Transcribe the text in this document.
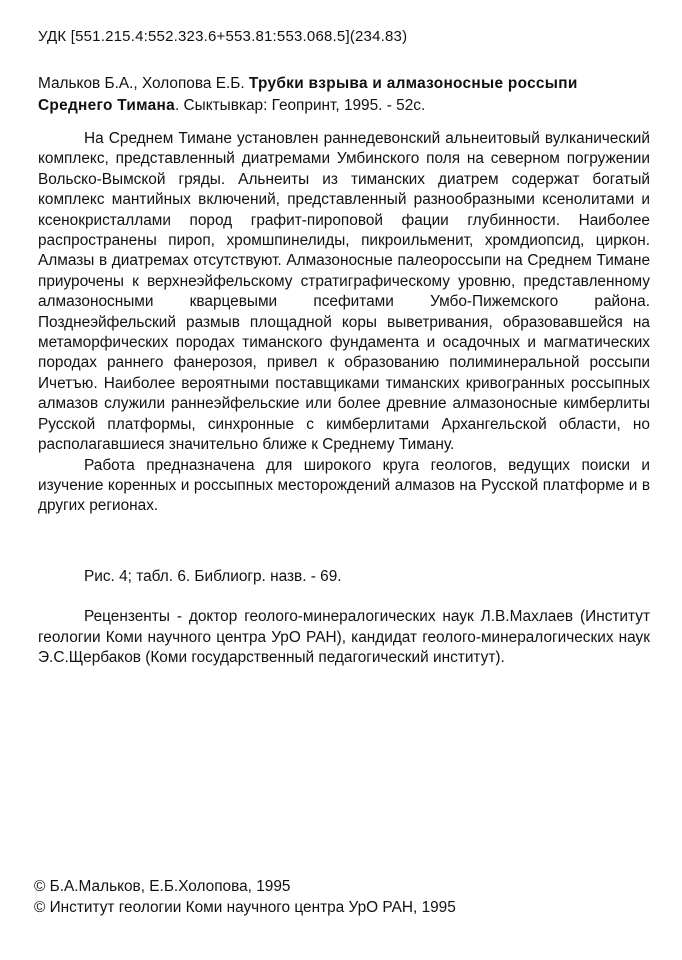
УДК [551.215.4:552.323.6+553.81:553.068.5](234.83)
Мальков Б.А., Холопова Е.Б. Трубки взрыва и алмазоносные россыпи Среднего Тимана. Сыктывкар: Геопринт, 1995. - 52с.

На Среднем Тимане установлен раннедевонский альнеитовый вулканический комплекс, представленный диатремами Умбинского поля на северном погружении Вольско-Вымской гряды. Альнеиты из тиманских диатрем содержат богатый комплекс мантийных включений, представленный разнообразными ксенолитами и ксенокристаллами пород графит-пироповой фации глубинности. Наиболее распространены пироп, хромшпинелиды, пикроильменит, хромдиопсид, циркон. Алмазы в диатремах отсутствуют. Алмазоносные палеороссыпи на Среднем Тимане приурочены к верхнеэйфельскому стратиграфическому уровню, представленному алмазоносными кварцевыми псефитами Умбо-Пижемского района. Позднеэйфельский размыв площадной коры выветривания, образовавшейся на метаморфических породах тиманского фундамента и осадочных и магматических породах раннего фанерозоя, привел к образованию полиминеральной россыпи Ичетъю. Наиболее вероятными поставщиками тиманских кривогранных россыпных алмазов служили раннеэйфельские или более древние алмазоносные кимберлиты Русской платформы, синхронные с кимберлитами Архангельской области, но располагавшиеся значительно ближе к Среднему Тиману.

Работа предназначена для широкого круга геологов, ведущих поиски и изучение коренных и россыпных месторождений алмазов на Русской платформе и в других регионах.

Рис. 4; табл. 6. Библиогр. назв. - 69.
Рецензенты - доктор геолого-минералогических наук Л.В.Махлаев (Институт геологии Коми научного центра УрО РАН), кандидат геолого-минералогических наук Э.С.Щербаков (Коми государственный педагогический институт).
© Б.А.Мальков, Е.Б.Холопова, 1995
© Институт геологии Коми научного центра УрО РАН, 1995
